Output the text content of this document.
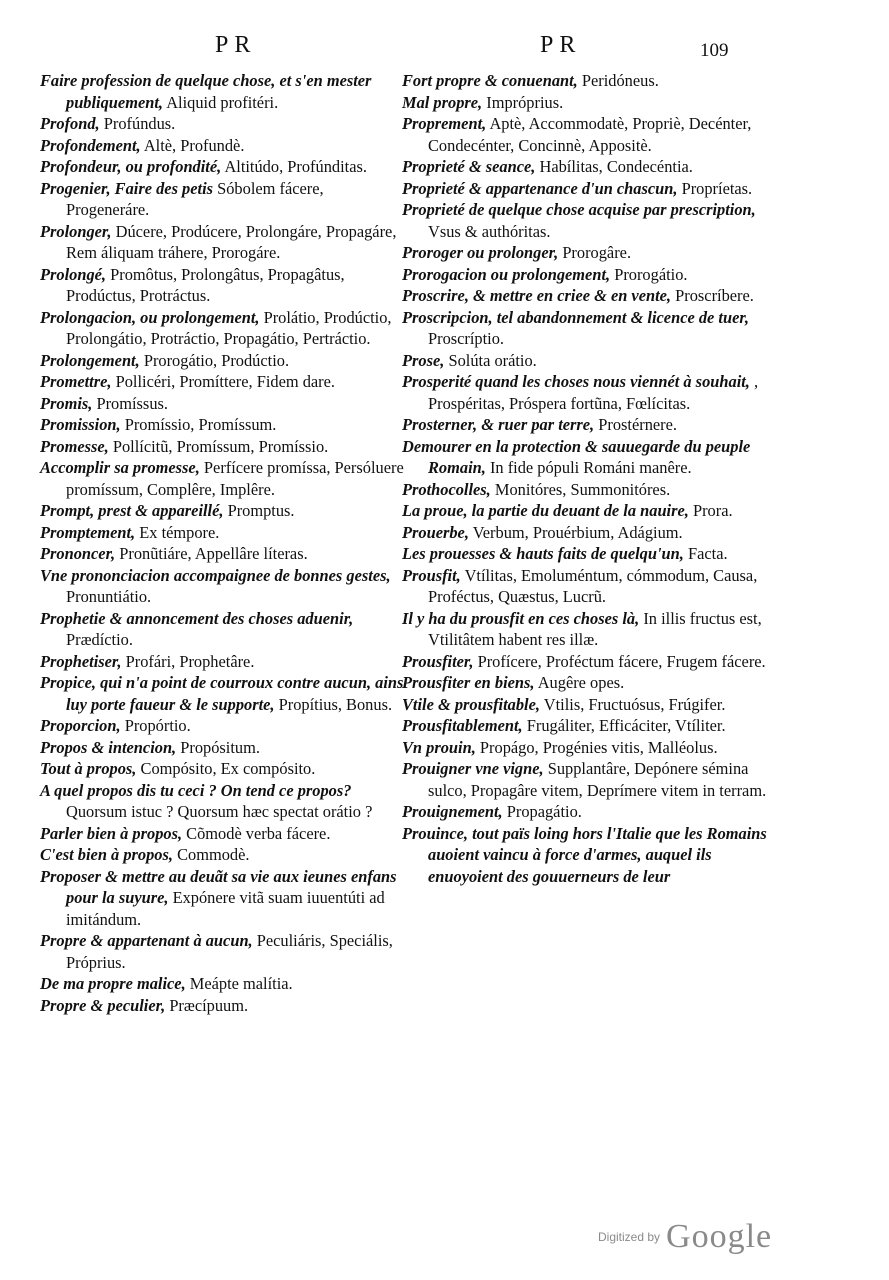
PR	PR	109

Faire profession de quelque chose, et s'en mester publiquement, Aliquid profitéri.

Profond, Profúndus.

Profondement, Altè, Profundè.

Profondeur, ou profondité, Altitúdo, Profúnditas.

Progenier, Faire des petis Sóbolem fácere, Progeneráre.

Prolonger, Dúcere, Prodúcere, Prolongáre, Propagáre, Rem áliquam tráhere, Prorogáre.

Prolongé, Promôtus, Prolongâtus, Propagâtus, Prodúctus, Protráctus.

Prolongacion, ou prolongement, Prolátio, Prodúctio, Prolongátio, Protráctio, Propagátio, Pertráctio.

Prolongement, Prorogátio, Prodúctio.

Promettre, Pollicéri, Promíttere, Fidem dare.

Promis, Promíssus.

Promission, Promíssio, Promíssum.

Promesse, Pollícitũ, Promíssum, Promíssio.

Accomplir sa promesse, Perfícere promíssa, Persóluere promíssum, Complêre, Implêre.

Prompt, prest & appareillé, Promptus.

Promptement, Ex témpore.

Prononcer, Pronũtiáre, Appellâre líteras.

Vne prononciacion accompaignee de bonnes gestes, Pronuntiátio.

Prophetie & annoncement des choses aduenir, Prædíctio.

Prophetiser, Profári, Prophetâre.

Propice, qui n'a point de courroux contre aucun, ains luy porte faueur & le supporte, Propítius, Bonus.

Proporcion, Propórtio.

Propos & intencion, Propósitum.

Tout à propos, Compósito, Ex compósito.

A quel propos dis tu ceci ? On tend ce propos? Quorsum istuc ? Quorsum hæc spectat orátio ?

Parler bien à propos, Cõmodè verba fácere.

C'est bien à propos, Commodè.

Proposer & mettre au deuãt sa vie aux ieunes enfans pour la suyure, Expónere vitã suam iuuentúti ad imitándum.

Propre & appartenant à aucun, Peculiáris, Speciális, Próprius.

De ma propre malice, Meápte malítia.

Propre & peculier, Præcípuum.

Fort propre & conuenant, Peridóneus.

Mal propre, Impróprius.

Proprement, Aptè, Accommodatè, Propriè, Decénter, Condecénter, Concinnè, Appositè.

Proprieté & seance, Habílitas, Condecéntia.

Proprieté & appartenance d'un chascun, Propríetas.

Proprieté de quelque chose acquise par prescription, Vsus & authóritas.

Proroger ou prolonger, Prorogâre.

Prorogacion ou prolongement, Prorogátio.

Proscrire, & mettre en criee & en vente, Proscríbere.

Proscripcion, tel abandonnement & licence de tuer, Proscríptio.

Prose, Solúta orátio.

Prosperité quand les choses nous viennét à souhait, , Prospéritas, Próspera fortũna, Fœlícitas.

Prosterner, & ruer par terre, Prostérnere.

Demourer en la protection & sauuegarde du peuple Romain, In fide pópuli Románi manêre.

Prothocolles, Monitóres, Summonitóres.

La proue, la partie du deuant de la nauire, Prora.

Prouerbe, Verbum, Prouérbium, Adágium.

Les prouesses & hauts faits de quelqu'un, Facta.

Prousfit, Vtílitas, Emoluméntum, cómmodum, Causa, Proféctus, Quæstus, Lucrũ.

Il y ha du prousfit en ces choses là, In illis fructus est, Vtilitâtem habent res illæ.

Prousfiter, Profícere, Proféctum fácere, Frugem fácere.

Prousfiter en biens, Augêre opes.

Vtile & prousfitable, Vtilis, Fructuósus, Frúgifer.

Prousfitablement, Frugáliter, Efficáciter, Vtíliter.

Vn prouin, Propágo, Progénies vitis, Malléolus.

Prouigner vne vigne, Supplantâre, Depónere sémina sulco, Propagâre vitem, Deprímere vitem in terram.

Prouignement, Propagátio.

Prouince, tout païs loing hors l'Italie que les Romains auoient vaincu à force d'armes, auquel ils enuoyoient des gouuerneurs de leur

$^{Digitized by}$ Google
